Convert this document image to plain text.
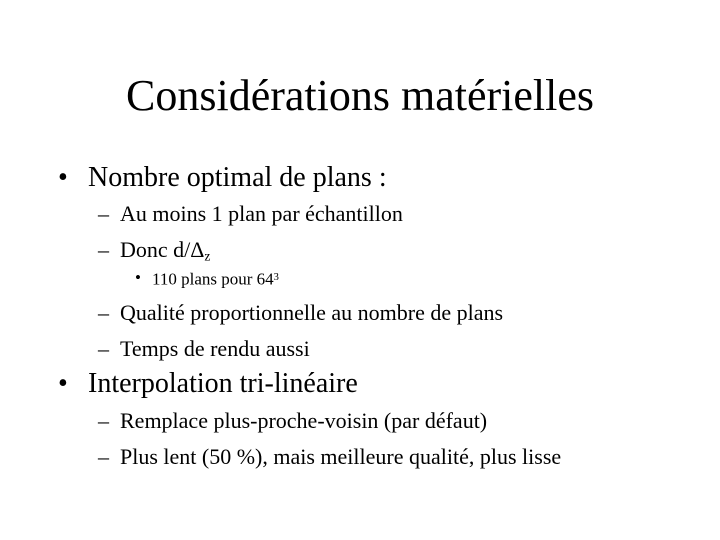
Considérations matérielles
• Nombre optimal de plans :
– Au moins 1 plan par échantillon
– Donc $d/\Delta_z$
• 110 plans pour $64^3$
– Qualité proportionnelle au nombre de plans
– Temps de rendu aussi
• Interpolation tri-linéaire
– Remplace plus-proche-voisin (par défaut)
– Plus lent (50 %), mais meilleure qualité, plus lisse
